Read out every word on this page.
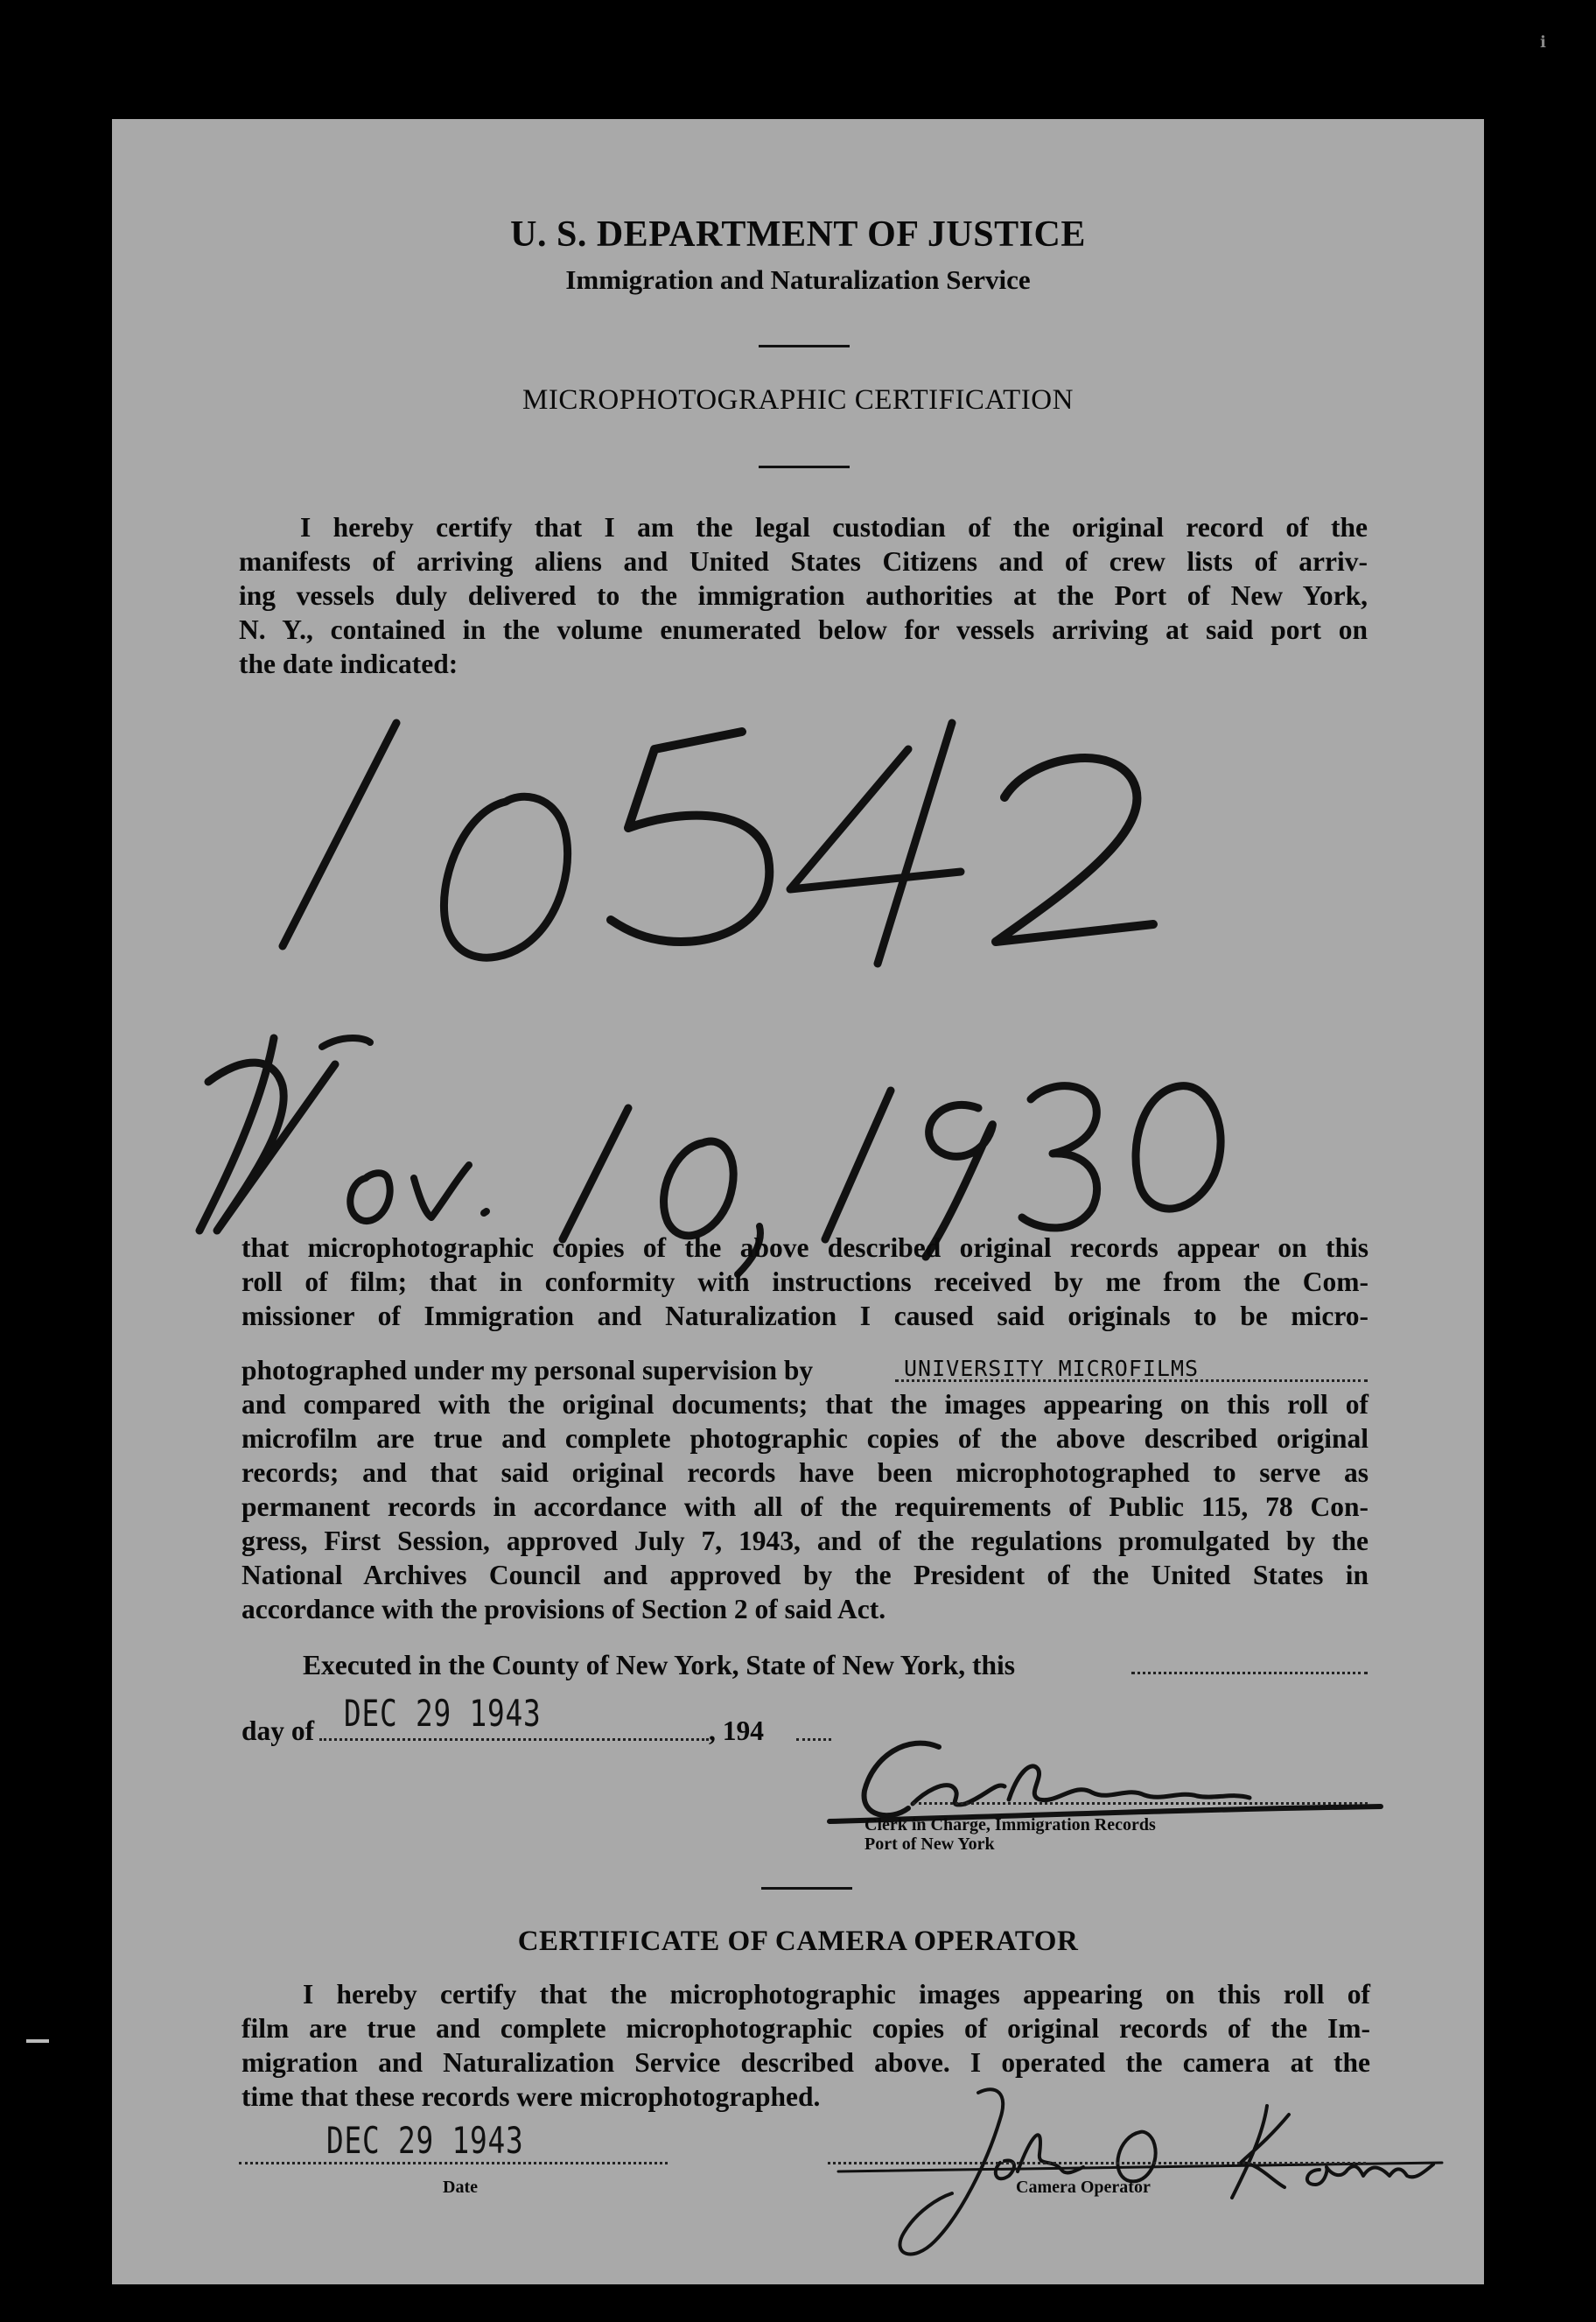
ℹ︎
U. S. DEPARTMENT OF JUSTICE
Immigration and Naturalization Service
MICROPHOTOGRAPHIC CERTIFICATION
I hereby certify that I am the legal custodian of the original record of the
manifests of arriving aliens and United States Citizens and of crew lists of arriv-
ing vessels duly delivered to the immigration authorities at the Port of New York,
N. Y., contained in the volume enumerated below for vessels arriving at said port on
the date indicated:
that microphotographic copies of the above described original records appear on this
roll of film; that in conformity with instructions received by me from the Com-
missioner of Immigration and Naturalization I caused said originals to be micro-
photographed under my personal supervision by	UNIVERSITY MICROFILMS
and compared with the original documents; that the images appearing on this roll of
microfilm are true and complete photographic copies of the above described original
records; and that said original records have been microphotographed to serve as
permanent records in accordance with all of the requirements of Public 115, 78 Con-
gress, First Session, approved July 7, 1943, and of the regulations promulgated by the
National Archives Council and approved by the President of the United States in
accordance with the provisions of Section 2 of said Act.
Executed in the County of New York, State of New York, this
day of DEC 29 1943	, 194
Clerk in Charge, Immigration Records
Port of New York
CERTIFICATE OF CAMERA OPERATOR
I hereby certify that the microphotographic images appearing on this roll of
film are true and complete microphotographic copies of original records of the Im-
migration and Naturalization Service described above. I operated the camera at the
time that these records were microphotographed.
DEC 29 1943
Date	Camera Operator
